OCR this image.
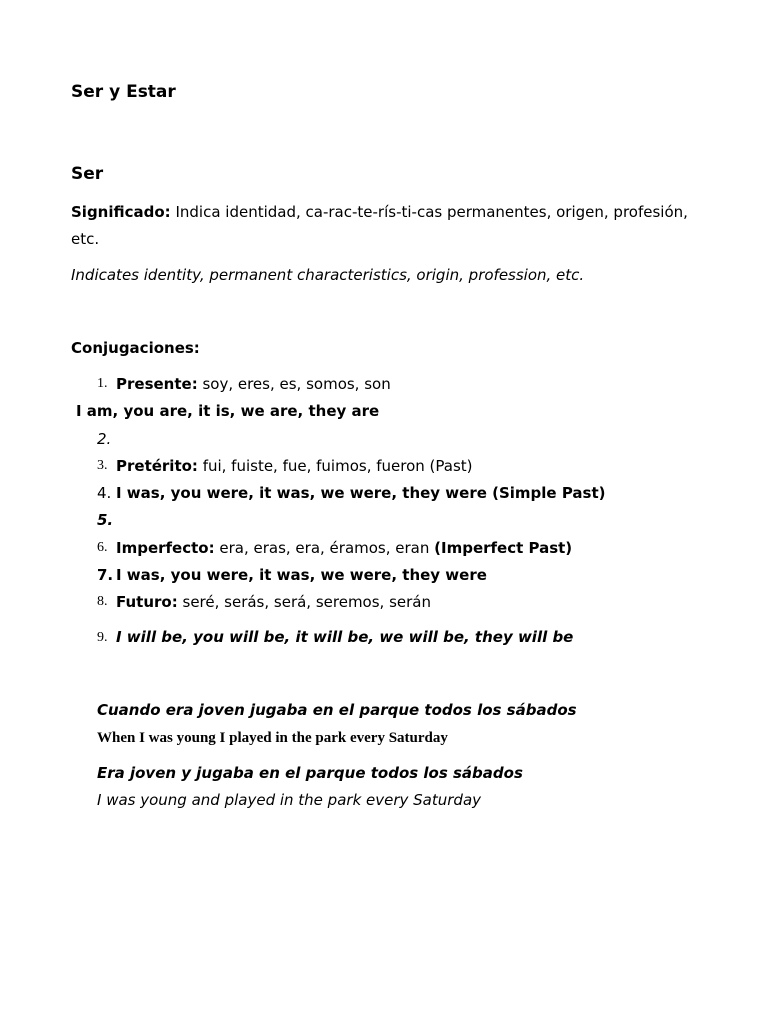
Ser y Estar
Ser
Significado: Indica identidad, ca-rac-te-rís-ti-cas permanentes, origen, profesión,
etc.
Indicates identity, permanent characteristics, origin, profession, etc.
Conjugaciones:
1. Presente: soy, eres, es, somos, son
I am, you are, it is, we are, they are
2.
3. Pretérito: fui, fuiste, fue, fuimos, fueron (Past)
4. I was, you were, it was, we were, they were (Simple Past)
5.
6. Imperfecto: era, eras, era, éramos, eran (Imperfect Past)
7. I was, you were, it was, we were, they were
8. Futuro: seré, serás, será, seremos, serán
9. I will be, you will be, it will be, we will be, they will be
Cuando era joven jugaba en el parque todos los sábados
When I was young I played in the park every Saturday
Era joven y jugaba en el parque todos los sábados
I was young and played in the park every Saturday
